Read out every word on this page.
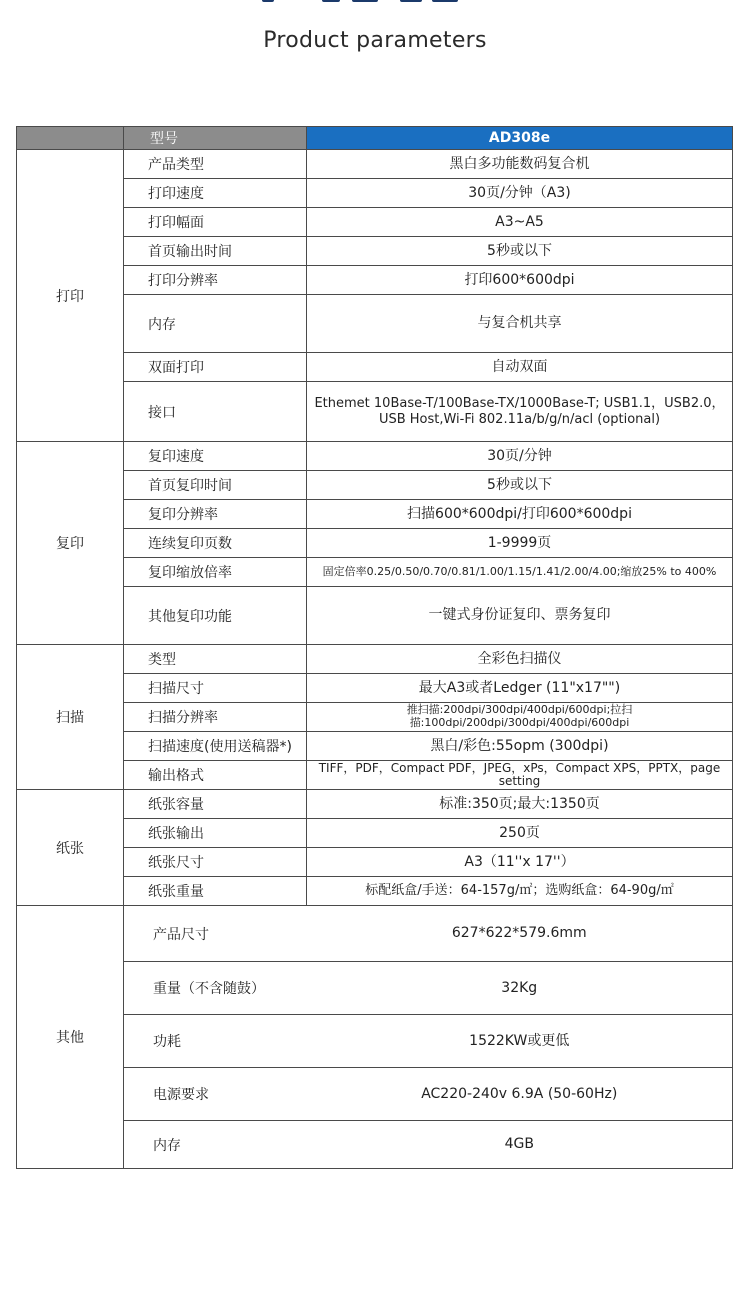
Product parameters
	型号	AD308e
打印	产品类型	黑白多功能数码复合机
	打印速度	30页/分钟（A3)
	打印幅面	A3~A5
	首页输出时间	5秒或以下
	打印分辨率	打印600*600dpi
	内存	与复合机共享
	双面打印	自动双面
	接口	Ethemet 10Base-T/100Base-TX/1000Base-T; USB1.1，USB2.0，USB Host,Wi-Fi 802.11a/b/g/n/acl (optional)
复印	复印速度	30页/分钟
	首页复印时间	5秒或以下
	复印分辨率	扫描600*600dpi/打印600*600dpi
	连续复印页数	1-9999页
	复印缩放倍率	固定倍率0.25/0.50/0.70/0.81/1.00/1.15/1.41/2.00/4.00;缩放25% to 400%
	其他复印功能	一键式身份证复印、票务复印
扫描	类型	全彩色扫描仪
	扫描尺寸	最大A3或者Ledger (11"x17"")
	扫描分辨率	推扫描:200dpi/300dpi/400dpi/600dpi;拉扫描:100dpi/200dpi/300dpi/400dpi/600dpi
	扫描速度(使用送稿器*)	黑白/彩色:55opm (300dpi)
	输出格式	TIFF，PDF，Compact PDF，JPEG，xPs，Compact XPS，PPTX，page setting
纸张	纸张容量	标准:350页;最大:1350页
	纸张输出	250页
	纸张尺寸	A3（11''x 17''）
	纸张重量	标配纸盒/手送：64-157g/㎡；选购纸盒：64-90g/㎡
其他	产品尺寸	627*622*579.6mm
	重量（不含随鼓）	32Kg
	功耗	1522KW或更低
	电源要求	AC220-240v 6.9A (50-60Hz)
	内存	4GB
